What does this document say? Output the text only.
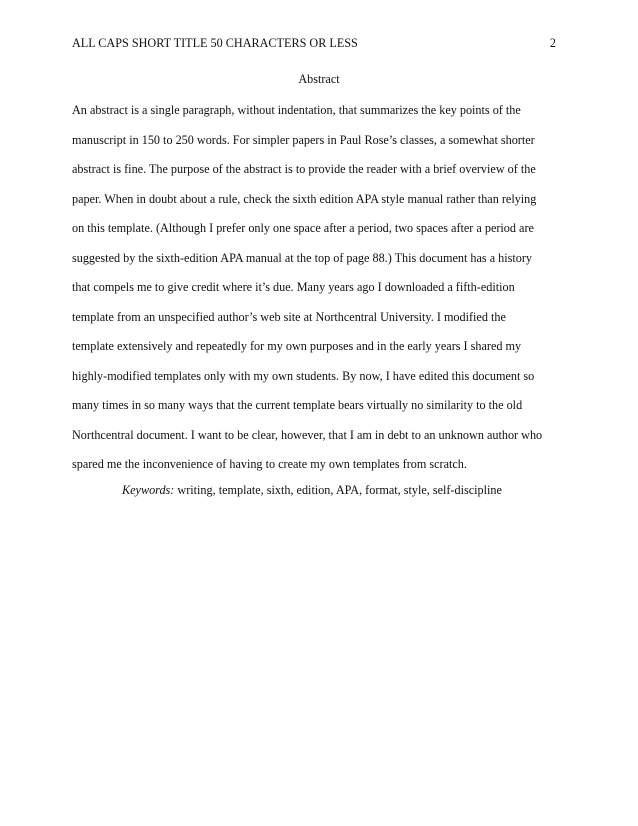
ALL CAPS SHORT TITLE 50 CHARACTERS OR LESS	2
Abstract
An abstract is a single paragraph, without indentation, that summarizes the key points of the
manuscript in 150 to 250 words. For simpler papers in Paul Rose’s classes, a somewhat shorter
abstract is fine. The purpose of the abstract is to provide the reader with a brief overview of the
paper. When in doubt about a rule, check the sixth edition APA style manual rather than relying
on this template. (Although I prefer only one space after a period, two spaces after a period are
suggested by the sixth-edition APA manual at the top of page 88.) This document has a history
that compels me to give credit where it’s due. Many years ago I downloaded a fifth-edition
template from an unspecified author’s web site at Northcentral University. I modified the
template extensively and repeatedly for my own purposes and in the early years I shared my
highly-modified templates only with my own students. By now, I have edited this document so
many times in so many ways that the current template bears virtually no similarity to the old
Northcentral document. I want to be clear, however, that I am in debt to an unknown author who
spared me the inconvenience of having to create my own templates from scratch.
Keywords: writing, template, sixth, edition, APA, format, style, self-discipline
